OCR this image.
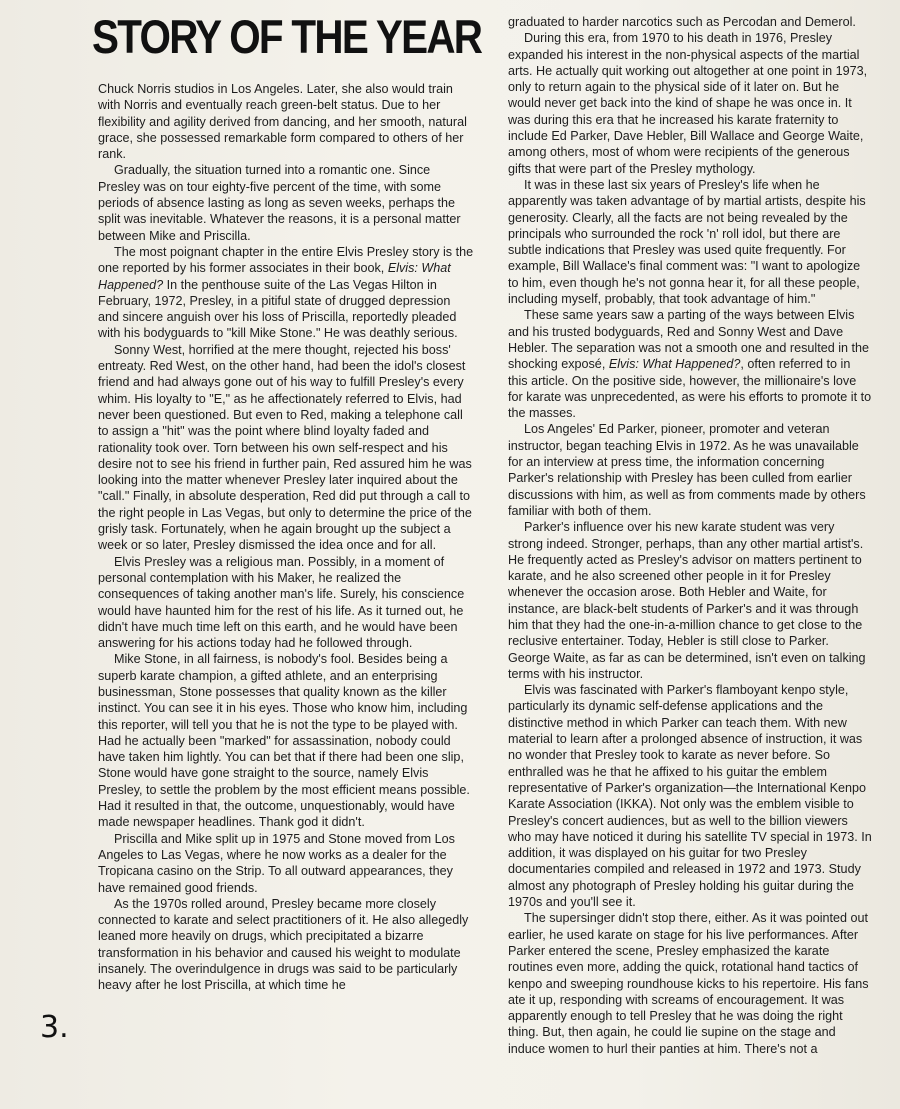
STORY OF THE YEAR

Chuck Norris studios in Los Angeles. Later, she also would train with Norris and eventually reach green-belt status. Due to her flexibility and agility derived from dancing, and her smooth, natural grace, she possessed remarkable form compared to others of her rank.

Gradually, the situation turned into a romantic one. Since Presley was on tour eighty-five percent of the time, with some periods of absence lasting as long as seven weeks, perhaps the split was inevitable. Whatever the reasons, it is a personal matter between Mike and Priscilla.

The most poignant chapter in the entire Elvis Presley story is the one reported by his former associates in their book, Elvis: What Happened? In the penthouse suite of the Las Vegas Hilton in February, 1972, Presley, in a pitiful state of drugged depression and sincere anguish over his loss of Priscilla, reportedly pleaded with his bodyguards to "kill Mike Stone." He was deathly serious.

Sonny West, horrified at the mere thought, rejected his boss' entreaty. Red West, on the other hand, had been the idol's closest friend and had always gone out of his way to fulfill Presley's every whim. His loyalty to "E," as he affectionately referred to Elvis, had never been questioned. But even to Red, making a telephone call to assign a "hit" was the point where blind loyalty faded and rationality took over. Torn between his own self-respect and his desire not to see his friend in further pain, Red assured him he was looking into the matter whenever Presley later inquired about the "call." Finally, in absolute desperation, Red did put through a call to the right people in Las Vegas, but only to determine the price of the grisly task. Fortunately, when he again brought up the subject a week or so later, Presley dismissed the idea once and for all.

Elvis Presley was a religious man. Possibly, in a moment of personal contemplation with his Maker, he realized the consequences of taking another man's life. Surely, his conscience would have haunted him for the rest of his life. As it turned out, he didn't have much time left on this earth, and he would have been answering for his actions today had he followed through.

Mike Stone, in all fairness, is nobody's fool. Besides being a superb karate champion, a gifted athlete, and an enterprising businessman, Stone possesses that quality known as the killer instinct. You can see it in his eyes. Those who know him, including this reporter, will tell you that he is not the type to be played with. Had he actually been "marked" for assassination, nobody could have taken him lightly. You can bet that if there had been one slip, Stone would have gone straight to the source, namely Elvis Presley, to settle the problem by the most efficient means possible. Had it resulted in that, the outcome, unquestionably, would have made newspaper headlines. Thank god it didn't.

Priscilla and Mike split up in 1975 and Stone moved from Los Angeles to Las Vegas, where he now works as a dealer for the Tropicana casino on the Strip. To all outward appearances, they have remained good friends.

As the 1970s rolled around, Presley became more closely connected to karate and select practitioners of it. He also allegedly leaned more heavily on drugs, which precipitated a bizarre transformation in his behavior and caused his weight to modulate insanely. The overindulgence in drugs was said to be particularly heavy after he lost Priscilla, at which time he

graduated to harder narcotics such as Percodan and Demerol.

During this era, from 1970 to his death in 1976, Presley expanded his interest in the non-physical aspects of the martial arts. He actually quit working out altogether at one point in 1973, only to return again to the physical side of it later on. But he would never get back into the kind of shape he was once in. It was during this era that he increased his karate fraternity to include Ed Parker, Dave Hebler, Bill Wallace and George Waite, among others, most of whom were recipients of the generous gifts that were part of the Presley mythology.

It was in these last six years of Presley's life when he apparently was taken advantage of by martial artists, despite his generosity. Clearly, all the facts are not being revealed by the principals who surrounded the rock 'n' roll idol, but there are subtle indications that Presley was used quite frequently. For example, Bill Wallace's final comment was: "I want to apologize to him, even though he's not gonna hear it, for all these people, including myself, probably, that took advantage of him."

These same years saw a parting of the ways between Elvis and his trusted bodyguards, Red and Sonny West and Dave Hebler. The separation was not a smooth one and resulted in the shocking exposé, Elvis: What Happened?, often referred to in this article. On the positive side, however, the millionaire's love for karate was unprecedented, as were his efforts to promote it to the masses.

Los Angeles' Ed Parker, pioneer, promoter and veteran instructor, began teaching Elvis in 1972. As he was unavailable for an interview at press time, the information concerning Parker's relationship with Presley has been culled from earlier discussions with him, as well as from comments made by others familiar with both of them.

Parker's influence over his new karate student was very strong indeed. Stronger, perhaps, than any other martial artist's. He frequently acted as Presley's advisor on matters pertinent to karate, and he also screened other people in it for Presley whenever the occasion arose. Both Hebler and Waite, for instance, are black-belt students of Parker's and it was through him that they had the one-in-a-million chance to get close to the reclusive entertainer. Today, Hebler is still close to Parker. George Waite, as far as can be determined, isn't even on talking terms with his instructor.

Elvis was fascinated with Parker's flamboyant kenpo style, particularly its dynamic self-defense applications and the distinctive method in which Parker can teach them. With new material to learn after a prolonged absence of instruction, it was no wonder that Presley took to karate as never before. So enthralled was he that he affixed to his guitar the emblem representative of Parker's organization—the International Kenpo Karate Association (IKKA). Not only was the emblem visible to Presley's concert audiences, but as well to the billion viewers who may have noticed it during his satellite TV special in 1973. In addition, it was displayed on his guitar for two Presley documentaries compiled and released in 1972 and 1973. Study almost any photograph of Presley holding his guitar during the 1970s and you'll see it.

The supersinger didn't stop there, either. As it was pointed out earlier, he used karate on stage for his live performances. After Parker entered the scene, Presley emphasized the karate routines even more, adding the quick, rotational hand tactics of kenpo and sweeping roundhouse kicks to his repertoire. His fans ate it up, responding with screams of encouragement. It was apparently enough to tell Presley that he was doing the right thing. But, then again, he could lie supine on the stage and induce women to hurl their panties at him. There's not a

3.
